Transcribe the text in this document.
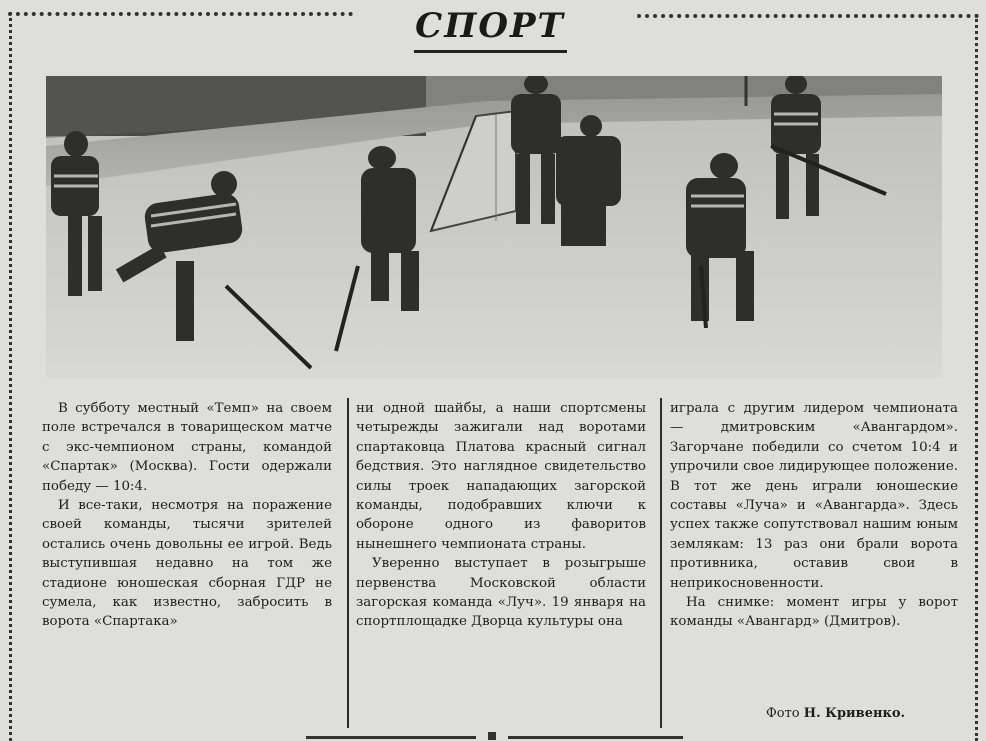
СПОРТ

В субботу местный «Темп» на своем поле встречался в товарищеском матче с экс-чемпионом страны, командой «Спартак» (Москва). Гости одержали победу — 10:4.

И все-таки, несмотря на поражение своей команды, тысячи зрителей остались очень довольны ее игрой. Ведь выступившая недавно на том же стадионе юношеская сборная ГДР не сумела, как известно, забросить в ворота «Спартака»

ни одной шайбы, а наши спортсмены четырежды зажигали над воротами спартаковца Платова красный сигнал бедствия. Это наглядное свидетельство силы троек нападающих загорской команды, подобравших ключи к обороне одного из фаворитов нынешнего чемпионата страны.

Уверенно выступает в розыгрыше первенства Московской области загорская команда «Луч». 19 января на спортплощадке Дворца культуры она

играла с другим лидером чемпионата — дмитровским «Авангардом». Загорчане победили со счетом 10:4 и упрочили свое лидирующее положение. В тот же день играли юношеские составы «Луча» и «Авангарда». Здесь успех также сопутствовал нашим юным землякам: 13 раз они брали ворота противника, оставив свои в неприкосновенности.

На снимке: момент игры у ворот команды «Авангард» (Дмитров).

Фото Н. Кривенко.
